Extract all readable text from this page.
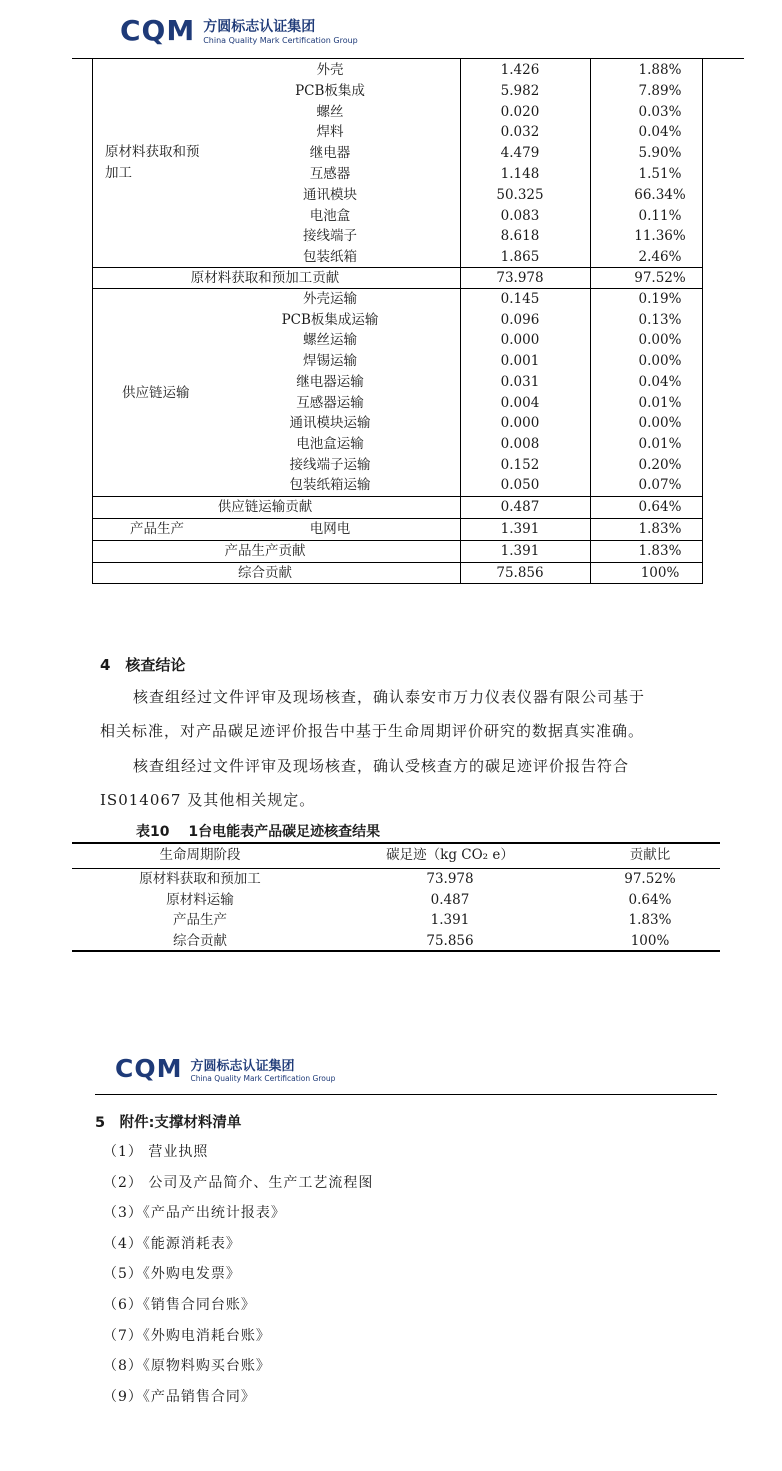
CQM 方圆标志认证集团
China Quality Mark Certification Group
原材料获取和预
加工
外壳	1.426	1.88%
PCB板集成	5.982	7.89%
螺丝	0.020	0.03%
焊料	0.032	0.04%
继电器	4.479	5.90%
互感器	1.148	1.51%
通讯模块	50.325	66.34%
电池盒	0.083	0.11%
接线端子	8.618	11.36%
包装纸箱	1.865	2.46%
原材料获取和预加工贡献	73.978	97.52%
供应链运输
外壳运输	0.145	0.19%
PCB板集成运输	0.096	0.13%
螺丝运输	0.000	0.00%
焊锡运输	0.001	0.00%
继电器运输	0.031	0.04%
互感器运输	0.004	0.01%
通讯模块运输	0.000	0.00%
电池盒运输	0.008	0.01%
接线端子运输	0.152	0.20%
包装纸箱运输	0.050	0.07%
供应链运输贡献	0.487	0.64%
产品生产	电网电	1.391	1.83%
产品生产贡献	1.391	1.83%
综合贡献	75.856	100%
4　核查结论
核查组经过文件评审及现场核查，确认泰安市万力仪表仪器有限公司基于
相关标准，对产品碳足迹评价报告中基于生命周期评价研究的数据真实准确。
核查组经过文件评审及现场核查，确认受核查方的碳足迹评价报告符合
IS014067 及其他相关规定。
表10　 1台电能表产品碳足迹核查结果
生命周期阶段	碳足迹（kg CO₂ e）	贡献比
原材料获取和预加工	73.978	97.52%
原材料运输	0.487	0.64%
产品生产	1.391	1.83%
综合贡献	75.856	100%
CQM 方圆标志认证集团
China Quality Mark Certification Group
5　附件:支撑材料清单
（1） 营业执照
（2） 公司及产品简介、生产工艺流程图
（3）《产品产出统计报表》
（4）《能源消耗表》
（5）《外购电发票》
（6）《销售合同台账》
（7）《外购电消耗台账》
（8）《原物料购买台账》
（9）《产品销售合同》
